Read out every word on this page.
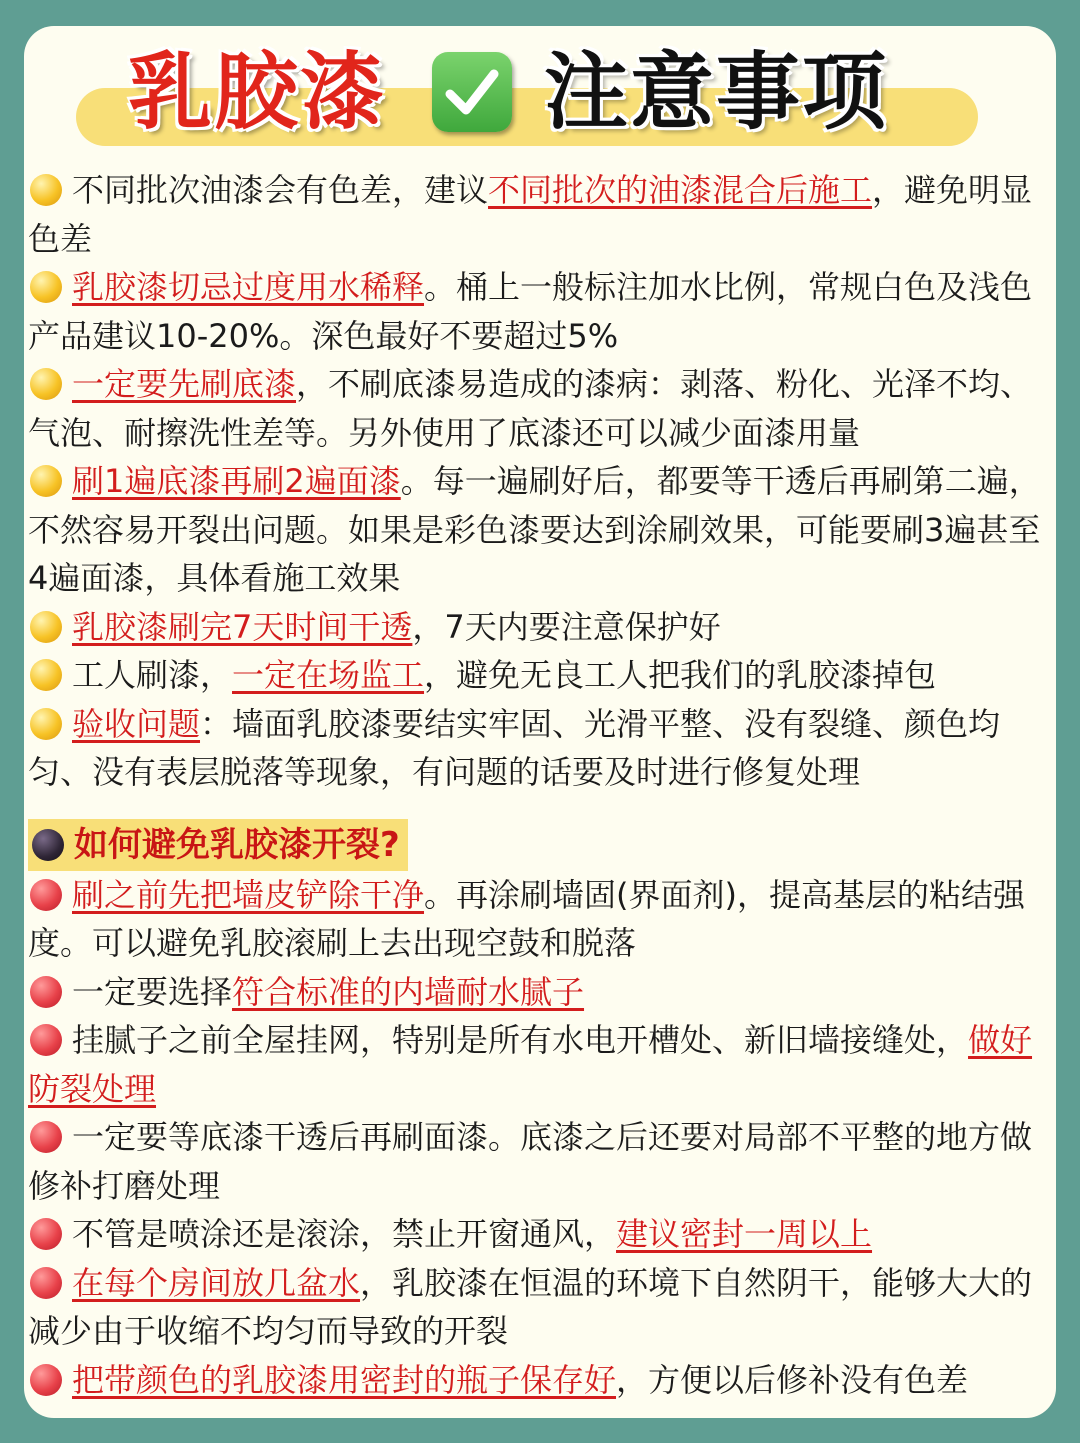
乳胶漆 注意事项

不同批次油漆会有色差，建议不同批次的油漆混合后施工，避免明显色差

乳胶漆切忌过度用水稀释。桶上一般标注加水比例，常规白色及浅色产品建议10-20%。深色最好不要超过5%

一定要先刷底漆，不刷底漆易造成的漆病：剥落、粉化、光泽不均、气泡、耐擦洗性差等。另外使用了底漆还可以减少面漆用量

刷1遍底漆再刷2遍面漆。每一遍刷好后，都要等干透后再刷第二遍，不然容易开裂出问题。如果是彩色漆要达到涂刷效果，可能要刷3遍甚至4遍面漆，具体看施工效果

乳胶漆刷完7天时间干透，7天内要注意保护好

工人刷漆，一定在场监工，避免无良工人把我们的乳胶漆掉包

验收问题：墙面乳胶漆要结实牢固、光滑平整、没有裂缝、颜色均匀、没有表层脱落等现象，有问题的话要及时进行修复处理

如何避免乳胶漆开裂?

刷之前先把墙皮铲除干净。再涂刷墙固(界面剂)，提高基层的粘结强度。可以避免乳胶滚刷上去出现空鼓和脱落

一定要选择符合标准的内墙耐水腻子

挂腻子之前全屋挂网，特别是所有水电开槽处、新旧墙接缝处，做好防裂处理

一定要等底漆干透后再刷面漆。底漆之后还要对局部不平整的地方做修补打磨处理

不管是喷涂还是滚涂，禁止开窗通风，建议密封一周以上

在每个房间放几盆水，乳胶漆在恒温的环境下自然阴干，能够大大的减少由于收缩不均匀而导致的开裂

把带颜色的乳胶漆用密封的瓶子保存好，方便以后修补没有色差
